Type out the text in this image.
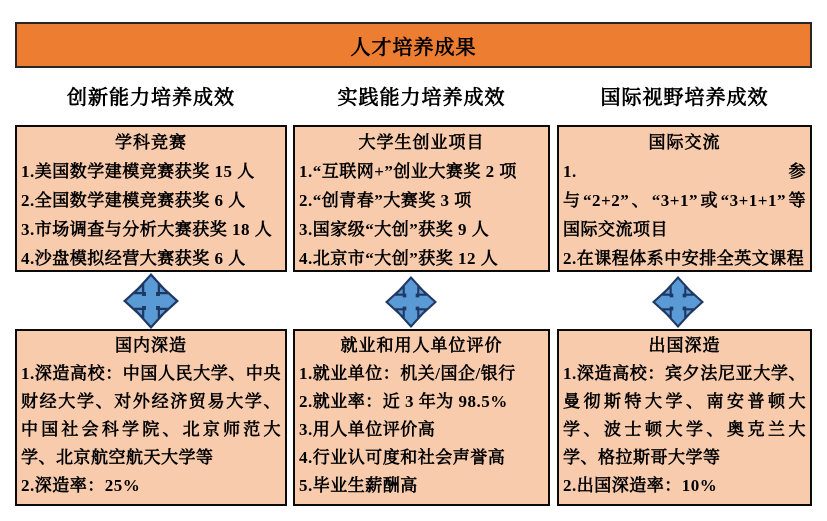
人才培养成果
创新能力培养成效	实践能力培养成效	国际视野培养成效
学科竞赛

1.美国数学建模竞赛获奖 15 人

2.全国数学建模竞赛获奖 6 人

3.市场调查与分析大赛获奖 18 人

4.沙盘模拟经营大赛获奖 6 人

大学生创业项目

1.“互联网+”创业大赛奖 2 项

2.“创青春”大赛奖 3 项

3.国家级“大创”获奖 9 人

4.北京市“大创”获奖 12 人

国际交流

1.参与“2+2”、“3+1”或“3+1+1”等国际交流项目

2.在课程体系中安排全英文课程

国内深造

1.深造高校：中国人民大学、中央财经大学、对外经济贸易大学、中国社会科学院、北京师范大学、北京航空航天大学等

2.深造率：25%

就业和用人单位评价

1.就业单位：机关/国企/银行

2.就业率：近 3 年为 98.5%

3.用人单位评价高

4.行业认可度和社会声誉高

5.毕业生薪酬高

出国深造

1.深造高校：宾夕法尼亚大学、曼彻斯特大学、南安普顿大学、波士顿大学、奥克兰大学、格拉斯哥大学等

2.出国深造率：10%
